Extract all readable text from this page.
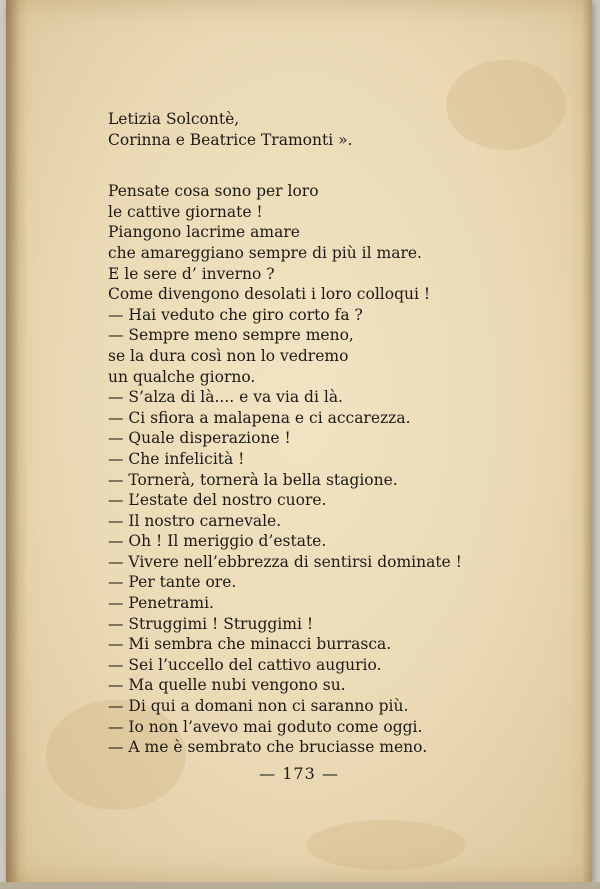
Letizia Solcontè,
Corinna e Beatrice Tramonti ».
Pensate cosa sono per loro
le cattive giornate !
Piangono lacrime amare
che amareggiano sempre di più il mare.
E le sere d’ inverno ?
Come divengono desolati i loro colloqui !
— Hai veduto che giro corto fa ?
— Sempre meno sempre meno,
se la dura così non lo vedremo
un qualche giorno.
— S’alza di là.... e va via di là.
— Ci sfiora a malapena e ci accarezza.
— Quale disperazione !
— Che infelicità !
— Tornerà, tornerà la bella stagione.
— L’estate del nostro cuore.
— Il nostro carnevale.
— Oh ! Il meriggio d’estate.
— Vivere nell’ebbrezza di sentirsi dominate !
— Per tante ore.
— Penetrami.
— Struggimi ! Struggimi !
— Mi sembra che minacci burrasca.
— Sei l’uccello del cattivo augurio.
— Ma quelle nubi vengono su.
— Di qui a domani non ci saranno più.
— Io non l’avevo mai goduto come oggi.
— A me è sembrato che bruciasse meno.
— 173 —
